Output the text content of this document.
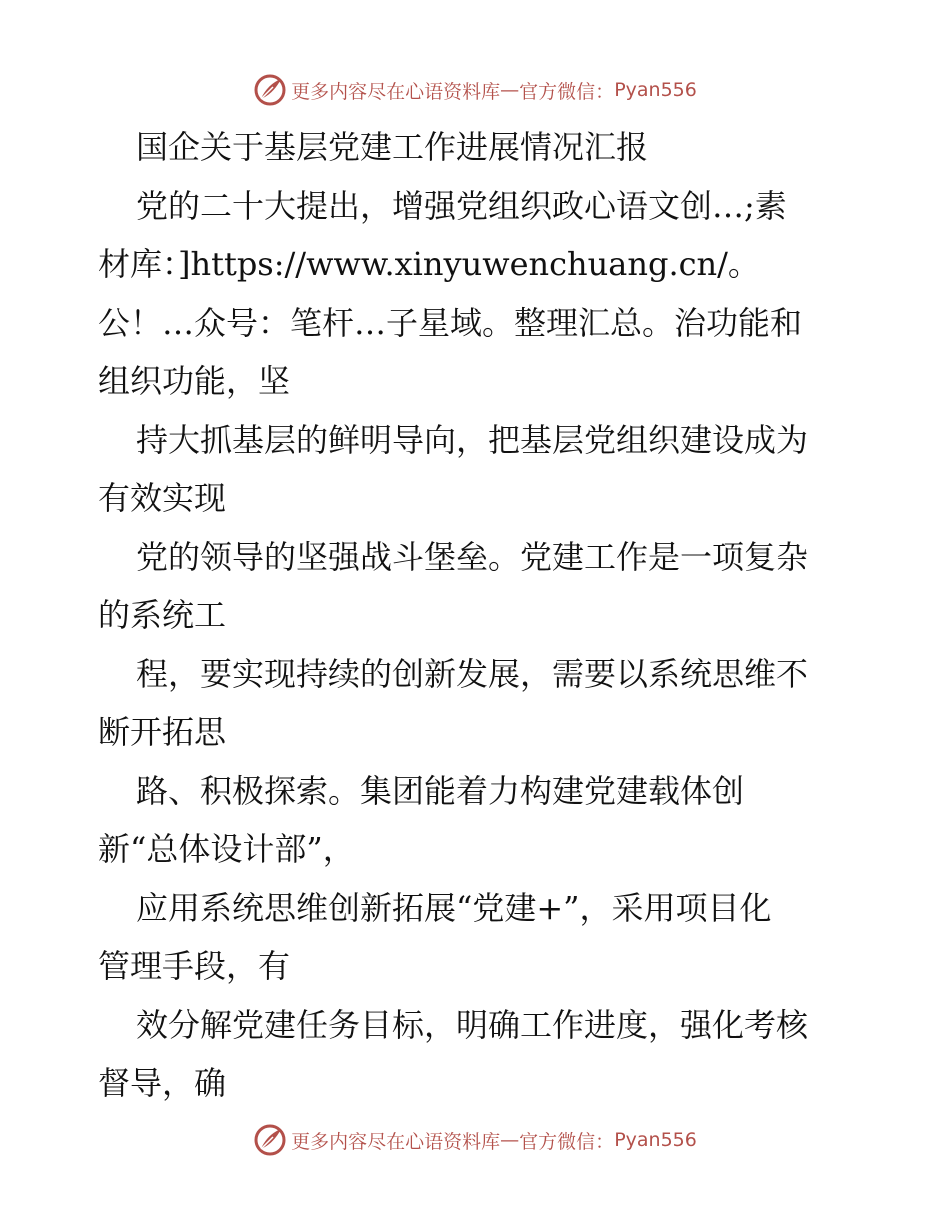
更多内容尽在心语资料库 — 官方微信： Pyan556
国企关于基层党建工作进展情况汇报
党的二十大提出，增强党组织政心语文创…;素
材库：]https://www.xinyuwenchuang.cn/。
公！…众号：笔杆…子星域。整理汇总。治功能和
组织功能，坚
持大抓基层的鲜明导向，把基层党组织建设成为
有效实现
党的领导的坚强战斗堡垒。党建工作是一项复杂
的系统工
程，要实现持续的创新发展，需要以系统思维不
断开拓思
路、积极探索。集团能着力构建党建载体创
新“总体设计部”，
应用系统思维创新拓展“党建+”，采用项目化
管理手段，有
效分解党建任务目标，明确工作进度，强化考核
督导，确
更多内容尽在心语资料库 — 官方微信： Pyan556
